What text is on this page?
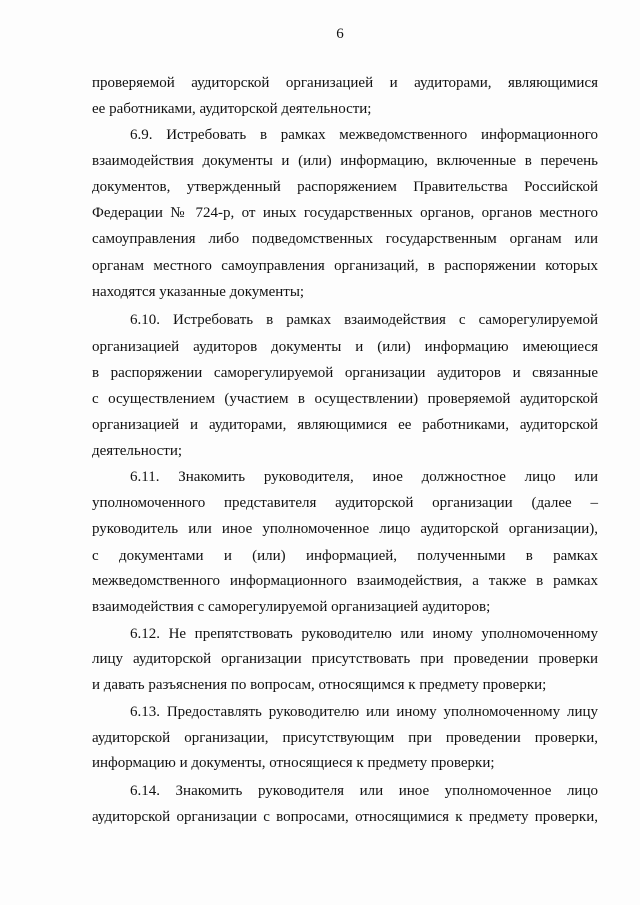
6
проверяемой аудиторской организацией и аудиторами, являющимися
ее работниками, аудиторской деятельности;
6.9. Истребовать в рамках межведомственного информационного
взаимодействия документы и (или) информацию, включенные в перечень
документов, утвержденный распоряжением Правительства Российской
Федерации № 724-р, от иных государственных органов, органов местного
самоуправления либо подведомственных государственным органам или
органам местного самоуправления организаций, в распоряжении которых
находятся указанные документы;
6.10. Истребовать в рамках взаимодействия с саморегулируемой
организацией аудиторов документы и (или) информацию имеющиеся
в распоряжении саморегулируемой организации аудиторов и связанные
с осуществлением (участием в осуществлении) проверяемой аудиторской
организацией и аудиторами, являющимися ее работниками, аудиторской
деятельности;
6.11. Знакомить руководителя, иное должностное лицо или
уполномоченного представителя аудиторской организации (далее –
руководитель или иное уполномоченное лицо аудиторской организации),
с документами и (или) информацией, полученными в рамках
межведомственного информационного взаимодействия, а также в рамках
взаимодействия с саморегулируемой организацией аудиторов;
6.12. Не препятствовать руководителю или иному уполномоченному
лицу аудиторской организации присутствовать при проведении проверки
и давать разъяснения по вопросам, относящимся к предмету проверки;
6.13. Предоставлять руководителю или иному уполномоченному лицу
аудиторской организации, присутствующим при проведении проверки,
информацию и документы, относящиеся к предмету проверки;
6.14. Знакомить руководителя или иное уполномоченное лицо
аудиторской организации с вопросами, относящимися к предмету проверки,
